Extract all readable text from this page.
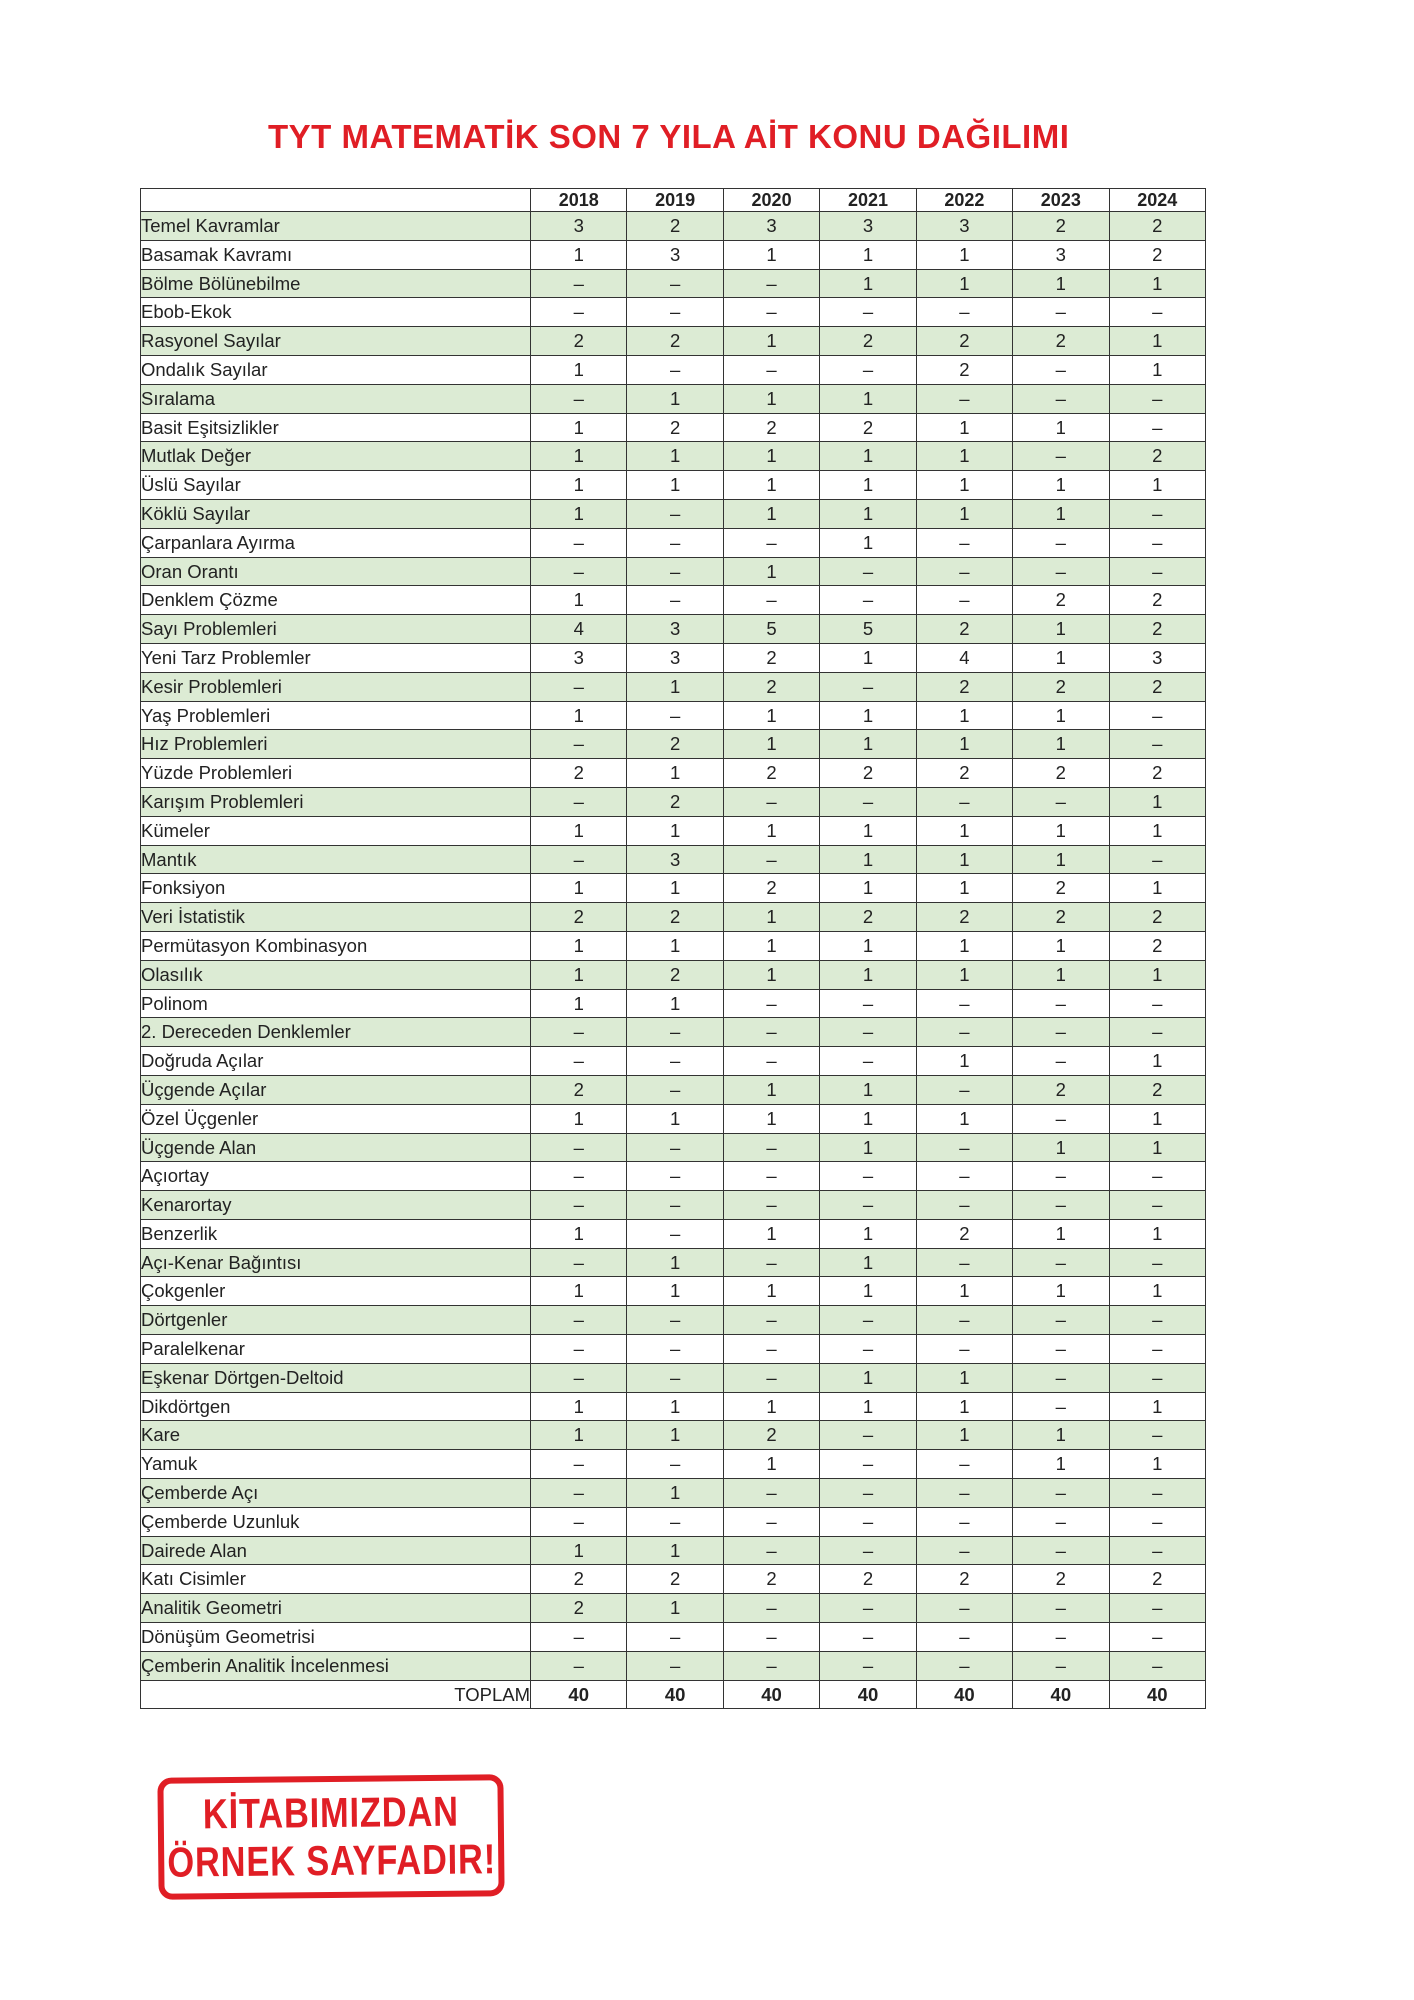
TYT MATEMATİK SON 7 YILA AİT KONU DAĞILIMI
	2018	2019	2020	2021	2022	2023	2024
Temel Kavramlar	3	2	3	3	3	2	2
Basamak Kavramı	1	3	1	1	1	3	2
Bölme Bölünebilme	–	–	–	1	1	1	1
Ebob-Ekok	–	–	–	–	–	–	–
Rasyonel Sayılar	2	2	1	2	2	2	1
Ondalık Sayılar	1	–	–	–	2	–	1
Sıralama	–	1	1	1	–	–	–
Basit Eşitsizlikler	1	2	2	2	1	1	–
Mutlak Değer	1	1	1	1	1	–	2
Üslü Sayılar	1	1	1	1	1	1	1
Köklü Sayılar	1	–	1	1	1	1	–
Çarpanlara Ayırma	–	–	–	1	–	–	–
Oran Orantı	–	–	1	–	–	–	–
Denklem Çözme	1	–	–	–	–	2	2
Sayı Problemleri	4	3	5	5	2	1	2
Yeni Tarz Problemler	3	3	2	1	4	1	3
Kesir Problemleri	–	1	2	–	2	2	2
Yaş Problemleri	1	–	1	1	1	1	–
Hız Problemleri	–	2	1	1	1	1	–
Yüzde Problemleri	2	1	2	2	2	2	2
Karışım Problemleri	–	2	–	–	–	–	1
Kümeler	1	1	1	1	1	1	1
Mantık	–	3	–	1	1	1	–
Fonksiyon	1	1	2	1	1	2	1
Veri İstatistik	2	2	1	2	2	2	2
Permütasyon Kombinasyon	1	1	1	1	1	1	2
Olasılık	1	2	1	1	1	1	1
Polinom	1	1	–	–	–	–	–
2. Dereceden Denklemler	–	–	–	–	–	–	–
Doğruda Açılar	–	–	–	–	1	–	1
Üçgende Açılar	2	–	1	1	–	2	2
Özel Üçgenler	1	1	1	1	1	–	1
Üçgende Alan	–	–	–	1	–	1	1
Açıortay	–	–	–	–	–	–	–
Kenarortay	–	–	–	–	–	–	–
Benzerlik	1	–	1	1	2	1	1
Açı-Kenar Bağıntısı	–	1	–	1	–	–	–
Çokgenler	1	1	1	1	1	1	1
Dörtgenler	–	–	–	–	–	–	–
Paralelkenar	–	–	–	–	–	–	–
Eşkenar Dörtgen-Deltoid	–	–	–	1	1	–	–
Dikdörtgen	1	1	1	1	1	–	1
Kare	1	1	2	–	1	1	–
Yamuk	–	–	1	–	–	1	1
Çemberde Açı	–	1	–	–	–	–	–
Çemberde Uzunluk	–	–	–	–	–	–	–
Dairede Alan	1	1	–	–	–	–	–
Katı Cisimler	2	2	2	2	2	2	2
Analitik Geometri	2	1	–	–	–	–	–
Dönüşüm Geometrisi	–	–	–	–	–	–	–
Çemberin Analitik İncelenmesi	–	–	–	–	–	–	–
TOPLAM	40	40	40	40	40	40	40
KİTABIMIZDAN
ÖRNEK SAYFADIR!
